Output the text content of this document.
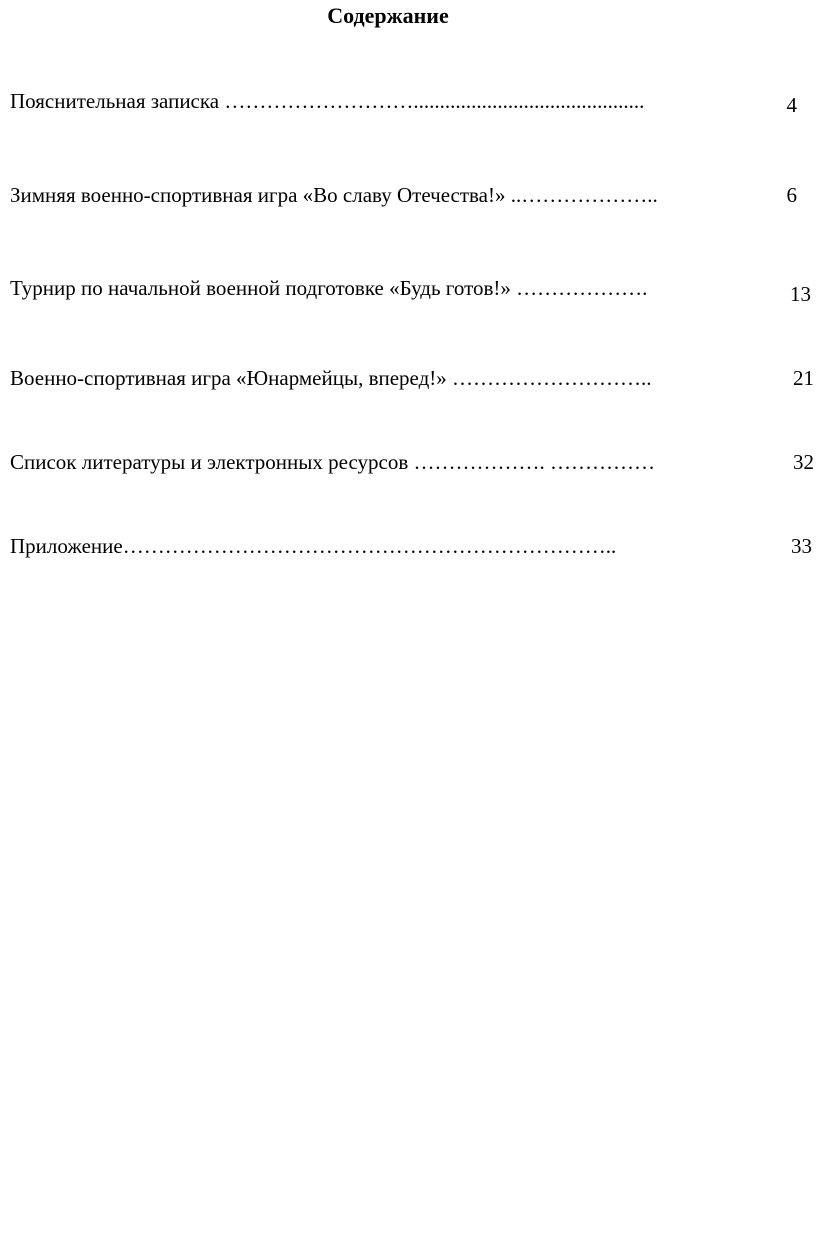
Содержание
Пояснительная записка ………………………............................................	4
Зимняя военно-спортивная игра «Во славу Отечества!» ..………………..	6
Турнир по начальной военной подготовке «Будь готов!» ……………….	13
Военно-спортивная игра «Юнармейцы, вперед!» ………………………..	21
Список литературы и электронных ресурсов ………………. ……………	32
Приложение……………………………………………………………..	33
